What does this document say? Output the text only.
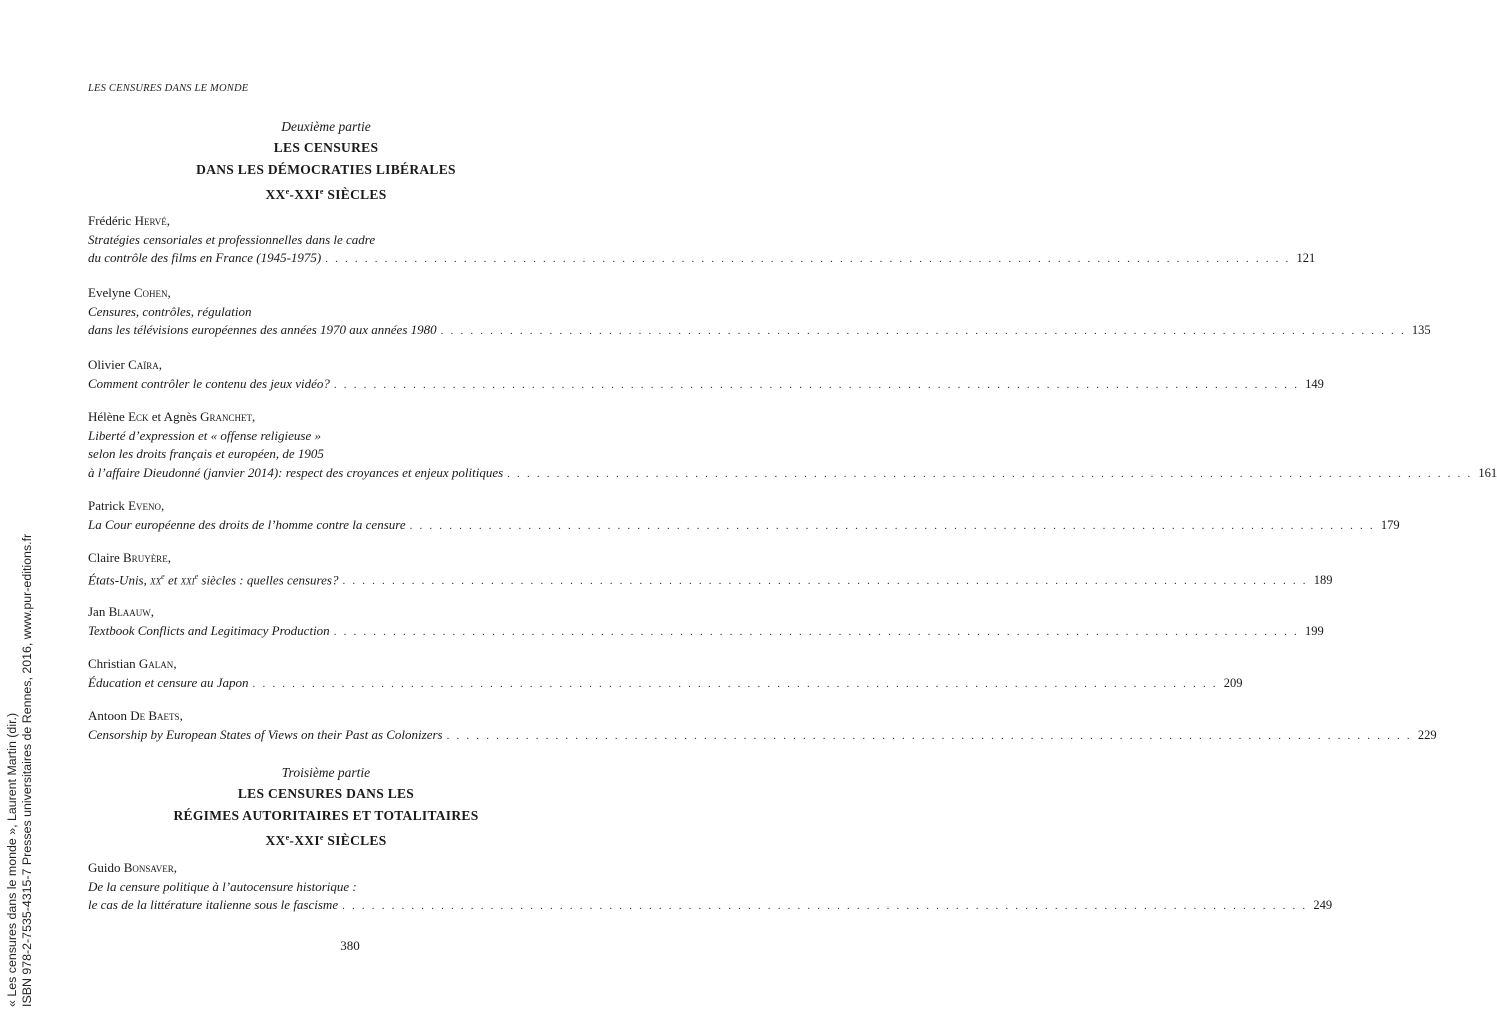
LES CENSURES DANS LE MONDE
Deuxième partie
LES CENSURES
DANS LES DÉMOCRATIES LIBÉRALES
XXe-XXIe SIÈCLES
Frédéric Hervé,
Stratégies censoriales et professionnelles dans le cadre
du contrôle des films en France (1945-1975) . . . . . . . . . . . . . . . . . . . . . . . . . . . . . . . . . . . . . . . . . . . . . . . . . . . . . . . . . . . . . . . . . . . . . . . . . . . . . . . . . . . . . . . . . . . . . . . . . . 121
Evelyne Cohen,
Censures, contrôles, régulation
dans les télévisions européennes des années 1970 aux années 1980 . . . . . . . . . . . . . . . . . . . . . . . . . . . . . . . . . . . . . . . . . . . . . . . . . . . . . . . . . . . . . . . . . . . . . . . . . . . . . . . . . . . . . . . . . . . . . . . . . . 135
Olivier Caïra,
Comment contrôler le contenu des jeux vidéo? . . . . . . . . . . . . . . . . . . . . . . . . . . . . . . . . . . . . . . . . . . . . . . . . . . . . . . . . . . . . . . . . . . . . . . . . . . . . . . . . . . . . . . . . . . . . . . . . . . 149
Hélène Eck et Agnès Granchet,
Liberté d’expression et « offense religieuse »
selon les droits français et européen, de 1905
à l’affaire Dieudonné (janvier 2014): respect des croyances et enjeux politiques . . . . . . . . . . . . . . . . . . . . . . . . . . . . . . . . . . . . . . . . . . . . . . . . . . . . . . . . . . . . . . . . . . . . . . . . . . . . . . . . . . . . . . . . . . . . . . . . . . 161
Patrick Eveno,
La Cour européenne des droits de l’homme contre la censure . . . . . . . . . . . . . . . . . . . . . . . . . . . . . . . . . . . . . . . . . . . . . . . . . . . . . . . . . . . . . . . . . . . . . . . . . . . . . . . . . . . . . . . . . . . . . . . . . . 179
Claire Bruyère,
États-Unis, $xx^e$ et xxi$^e$ siècles : quelles censures? . . . . . . . . . . . . . . . . . . . . . . . . . . . . . . . . . . . . . . . . . . . . . . . . . . . . . . . . . . . . . . . . . . . . . . . . . . . . . . . . . . . . . . . . . . . . . . . . . . 189
Jan Blaauw,
Textbook Conflicts and Legitimacy Production . . . . . . . . . . . . . . . . . . . . . . . . . . . . . . . . . . . . . . . . . . . . . . . . . . . . . . . . . . . . . . . . . . . . . . . . . . . . . . . . . . . . . . . . . . . . . . . . . . 199
Christian Galan,
Éducation et censure au Japon . . . . . . . . . . . . . . . . . . . . . . . . . . . . . . . . . . . . . . . . . . . . . . . . . . . . . . . . . . . . . . . . . . . . . . . . . . . . . . . . . . . . . . . . . . . . . . . . . . 209
Antoon De Baets,
Censorship by European States of Views on their Past as Colonizers . . . . . . . . . . . . . . . . . . . . . . . . . . . . . . . . . . . . . . . . . . . . . . . . . . . . . . . . . . . . . . . . . . . . . . . . . . . . . . . . . . . . . . . . . . . . . . . . . . 229
Troisième partie
LES CENSURES DANS LES
RÉGIMES AUTORITAIRES ET TOTALITAIRES
XXe-XXIe SIÈCLES
Guido Bonsaver,
De la censure politique à l’autocensure historique :
le cas de la littérature italienne sous le fascisme . . . . . . . . . . . . . . . . . . . . . . . . . . . . . . . . . . . . . . . . . . . . . . . . . . . . . . . . . . . . . . . . . . . . . . . . . . . . . . . . . . . . . . . . . . . . . . . . . . 249
380
« Les censures dans le monde », Laurent Martin (dir.) ISBN 978-2-7535-4315-7 Presses universitaires de Rennes, 2016, www.pur-editions.fr
